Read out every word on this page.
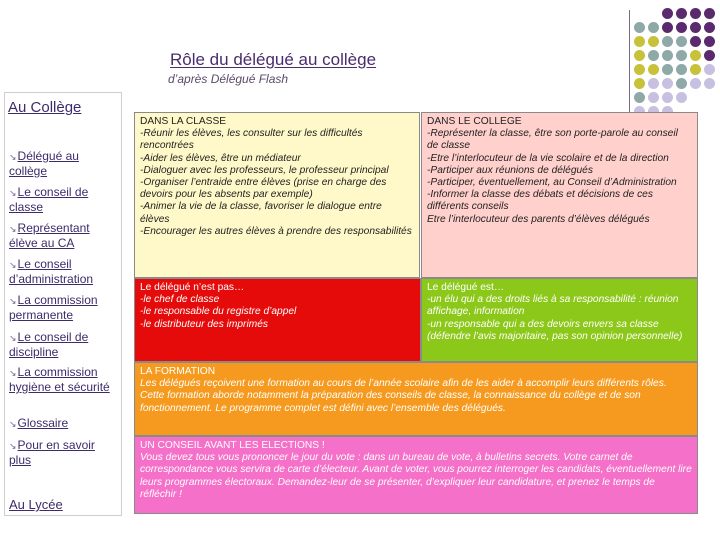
Rôle du délégué au collège
d’après Délégué Flash
Au Collège
↘Délégué au collège
↘Le conseil de classe
↘Représentant élève au CA
↘Le conseil d’administration
↘La commission permanente
↘Le conseil de discipline
↘La commission hygiène et sécurité
↘Glossaire
↘Pour en savoir plus
Au Lycée
DANS LA CLASSE
-Réunir les élèves, les consulter sur les difficultés rencontrées
-Aider les élèves, être un médiateur
-Dialoguer avec les professeurs, le professeur principal
-Organiser l’entraide entre élèves (prise en charge des devoirs pour les absents par exemple)
-Animer la vie de la classe, favoriser le dialogue entre élèves
-Encourager les autres élèves à prendre des responsabilités
DANS LE COLLEGE
-Représenter la classe, être son porte-parole au conseil de classe
-Etre l’interlocuteur de la vie scolaire et de la direction
-Participer aux réunions de délégués
-Participer, éventuellement, au Conseil d’Administration
-Informer la classe des débats et décisions de ces différents conseils
Etre l’interlocuteur des parents d’élèves délégués
Le délégué n’est pas…
-le chef de classe
-le responsable du registre d’appel
-le distributeur des imprimés
Le délégué est…
-un élu qui a des droits liés à sa responsabilité : réunion affichage, information
-un responsable qui a des devoirs envers sa classe (défendre l’avis majoritaire, pas son opinion personnelle)
LA FORMATION
Les délégués reçoivent une formation au cours de l’année scolaire afin de les aider à accomplir leurs différents rôles. Cette formation aborde notamment la préparation des conseils de classe, la connaissance du collège et de son fonctionnement. Le programme complet est défini avec l’ensemble des délégués.
UN CONSEIL AVANT LES ELECTIONS !
Vous devez tous vous prononcer le jour du vote : dans un bureau de vote, à bulletins secrets. Votre carnet de correspondance vous servira de carte d’électeur. Avant de voter, vous pourrez interroger les candidats, éventuellement lire leurs programmes électoraux. Demandez-leur de se présenter, d’expliquer leur candidature, et prenez le temps de réfléchir !
